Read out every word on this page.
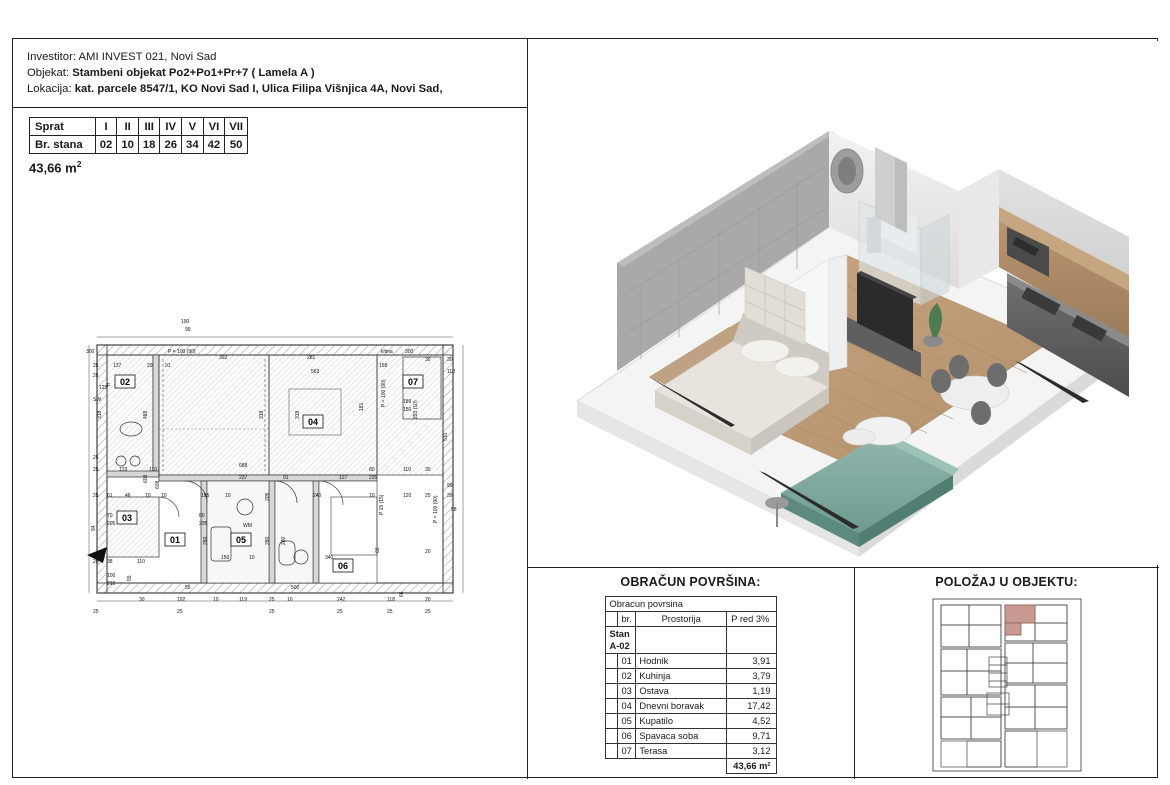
Investitor: AMI INVEST 021, Novi Sad
Objekat: Stambeni objekat Po2+Po1+Pr+7 ( Lamela A )
Lokacija: kat. parcele 8547/1, KO Novi Sad I, Ulica Filipa Višnjica 4A, Novi Sad,
Sprat	I	II	III	IV	V	VI	VII
Br. stana	02	10	18	26	34	42	50
43,66 $m^2$
02	07
04
03
01	05
06
190
99
P = 100 (90)
300
25
25
137	20 91
392	281
563
klima 300
158
30	30
110
125
SW
F
318	488	318	318
181	P = 100 (90)	189
150 293 (10)
510
25
25	123	110
688
237	91	127
80
235
110	30
608
608
25 61 46	10 10	195	10	205	240	10	120	25	39
99
58
P = 100 (90)
P 15 (15)
70
205
94
80
205
280	280 280
150	10	340
66	20
25 38	110
100
210
55
55
30	192	10	119	25 10
500
242	118
66
20
25	25	25	25	25	25
WM
OBRAČUN POVRŠINA:
Obracun povrsina			
	br.	Prostorija	P red 3%
Stan A-02			
	01	Hodnik	3,91
	02	Kuhinja	3,79
	03	Ostava	1,19
	04	Dnevni boravak	17,42
	05	Kupatilo	4,52
	06	Spavaca soba	9,71
	07	Terasa	3,12
			43,66 m²
POLOŽAJ U OBJEKTU:
